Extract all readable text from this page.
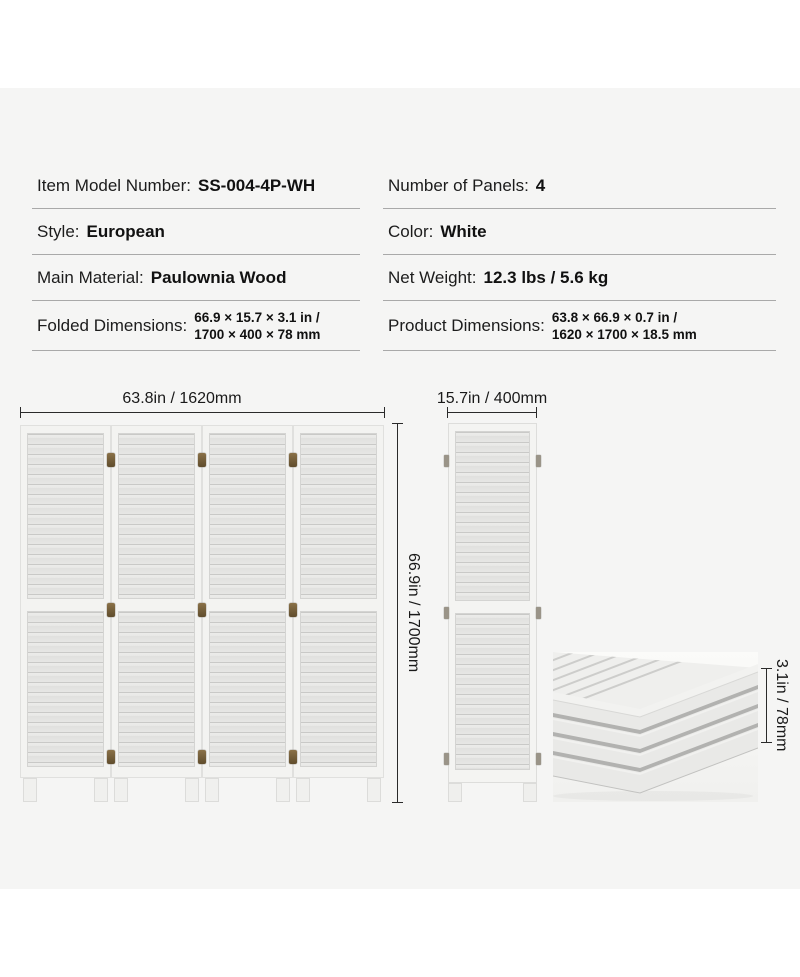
Item Model Number: SS-004-4P-WH
Style: European
Main Material: Paulownia Wood
Folded Dimensions: 66.9 × 15.7 × 3.1 in /
1700 × 400 × 78 mm
Number of Panels: 4
Color: White
Net Weight: 12.3 lbs / 5.6 kg
Product Dimensions: 63.8 × 66.9 × 0.7 in /
1620 × 1700 × 18.5 mm
63.8in / 1620mm	15.7in / 400mm
66.9in / 1700mm
3.1in / 78mm
